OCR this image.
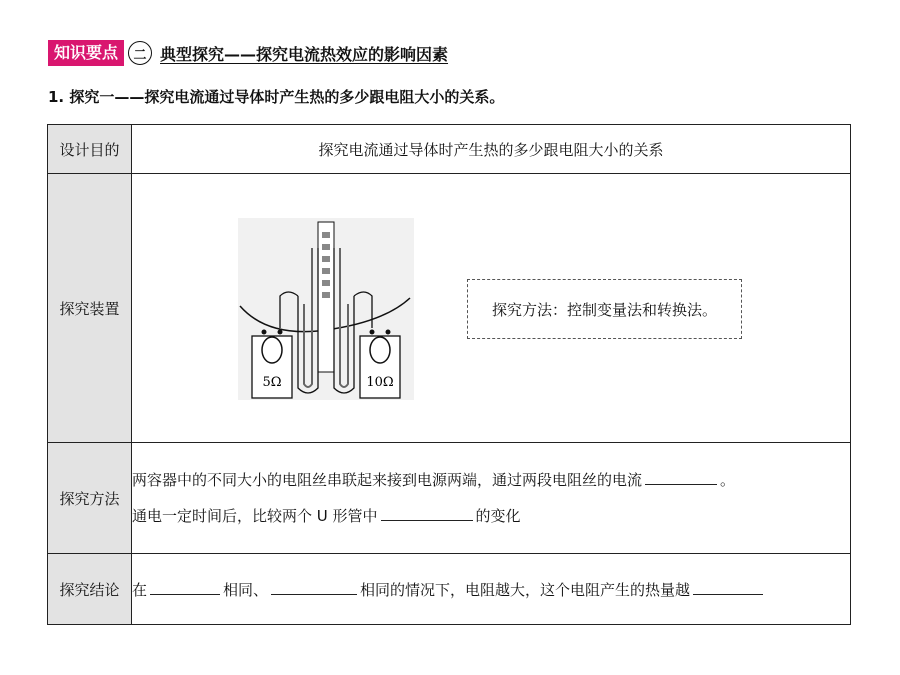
知识要点	二 典型探究——探究电流热效应的影响因素
1. 探究一——探究电流通过导体时产生热的多少跟电阻大小的关系。
设计目的	探究电流通过导体时产生热的多少跟电阻大小的关系
探究装置	5Ω 10Ω
探究方法：控制变量法和转换法。

探究方法	两容器中的不同大小的电阻丝串联起来接到电源两端，通过两段电阻丝的电流 。
通电一定时间后，比较两个 U 形管中 的变化

探究结论	在 相同、 相同的情况下，电阻越大，这个电阻产生的热量越
